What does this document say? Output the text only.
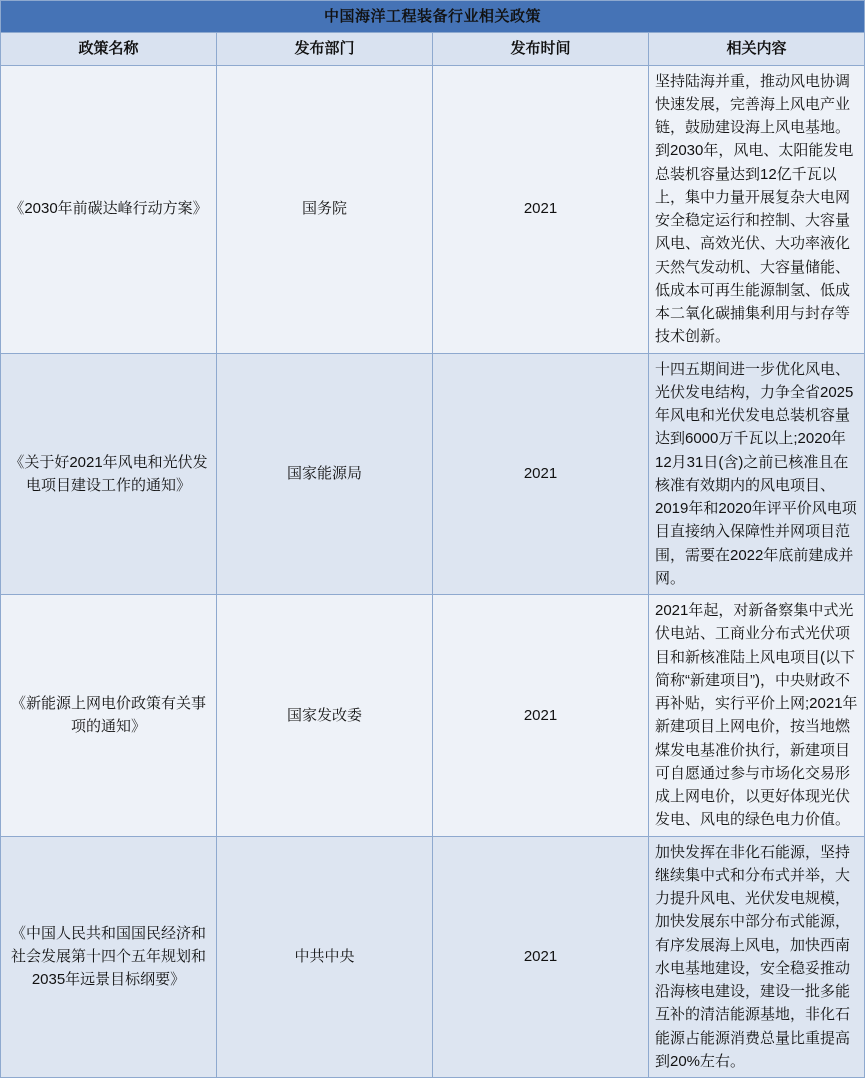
中国海洋工程装备行业相关政策			
政策名称	发布部门	发布时间	相关内容
《2030年前碳达峰行动方案》	国务院	2021	坚持陆海并重，推动风电协调快速发展，完善海上风电产业链，鼓励建设海上风电基地。到2030年，风电、太阳能发电总装机容量达到12亿千瓦以上，集中力量开展复杂大电网安全稳定运行和控制、大容量风电、高效光伏、大功率液化天然气发动机、大容量储能、低成本可再生能源制氢、低成本二氧化碳捕集利用与封存等技术创新。
《关于好2021年风电和光伏发电项目建设工作的通知》	国家能源局	2021	十四五期间进一步优化风电、光伏发电结构，力争全省2025年风电和光伏发电总装机容量达到6000万千瓦以上;2020年12月31日(含)之前已核准且在核准有效期内的风电项目、2019年和2020年评平价风电项目直接纳入保障性并网项目范围，需要在2022年底前建成并网。
《新能源上网电价政策有关事项的通知》	国家发改委	2021	2021年起，对新备察集中式光伏电站、工商业分布式光伏项目和新核准陆上风电项目(以下简称“新建项目”)，中央财政不再补贴，实行平价上网;2021年新建项目上网电价，按当地燃煤发电基准价执行，新建项目可自愿通过参与市场化交易形成上网电价，以更好体现光伏发电、风电的绿色电力价值。
《中国人民共和国国民经济和社会发展第十四个五年规划和2035年远景目标纲要》	中共中央	2021	加快发挥在非化石能源，坚持继续集中式和分布式并举，大力提升风电、光伏发电规模，加快发展东中部分布式能源，有序发展海上风电，加快西南水电基地建设，安全稳妥推动沿海核电建设，建设一批多能互补的清洁能源基地，非化石能源占能源消费总量比重提高到20%左右。
